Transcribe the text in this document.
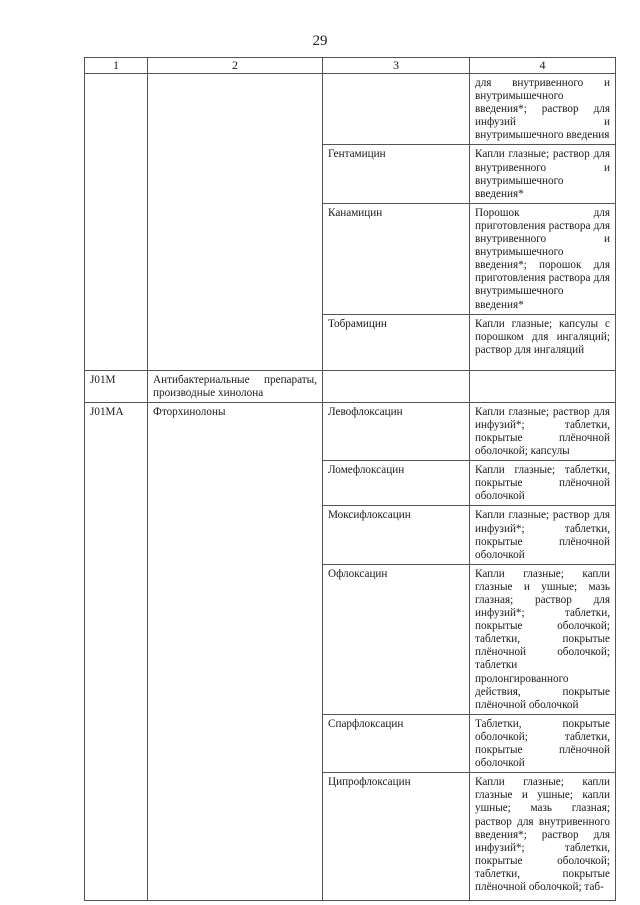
29
1	2	3	4
			для внутривенного и внутримышечного введения*; раствор для инфузий и внутримышечного введения
		Гентамицин	Капли глазные; раствор для внутривенного и внутримышечного введения*
		Канамицин	Порошок для приготовления раствора для внутривенного и внутримышечного введения*; порошок для приготовления раствора для внутримышечного введения*
		Тобрамицин	Капли глазные; капсулы с порошком для ингаляций; раствор для ингаляций
J01M	Антибактериальные препараты, производные хинолона		
J01MA	Фторхинолоны	Левофлоксацин	Капли глазные; раствор для инфузий*; таблетки, покрытые плёночной оболочкой; капсулы
		Ломефлоксацин	Капли глазные; таблетки, покрытые плёночной оболочкой
		Моксифлоксацин	Капли глазные; раствор для инфузий*; таблетки, покрытые плёночной оболочкой
		Офлоксацин	Капли глазные; капли глазные и ушные; мазь глазная; раствор для инфузий*; таблетки, покрытые оболочкой; таблетки, покрытые плёночной оболочкой; таблетки пролонгированного действия, покрытые плёночной оболочкой
		Спарфлоксацин	Таблетки, покрытые оболочкой; таблетки, покрытые плёночной оболочкой
		Ципрофлоксацин	Капли глазные; капли глазные и ушные; капли ушные; мазь глазная; раствор для внутривенного введения*; раствор для инфузий*; таблетки, покрытые оболочкой; таблетки, покрытые плёночной оболочкой; таб-
